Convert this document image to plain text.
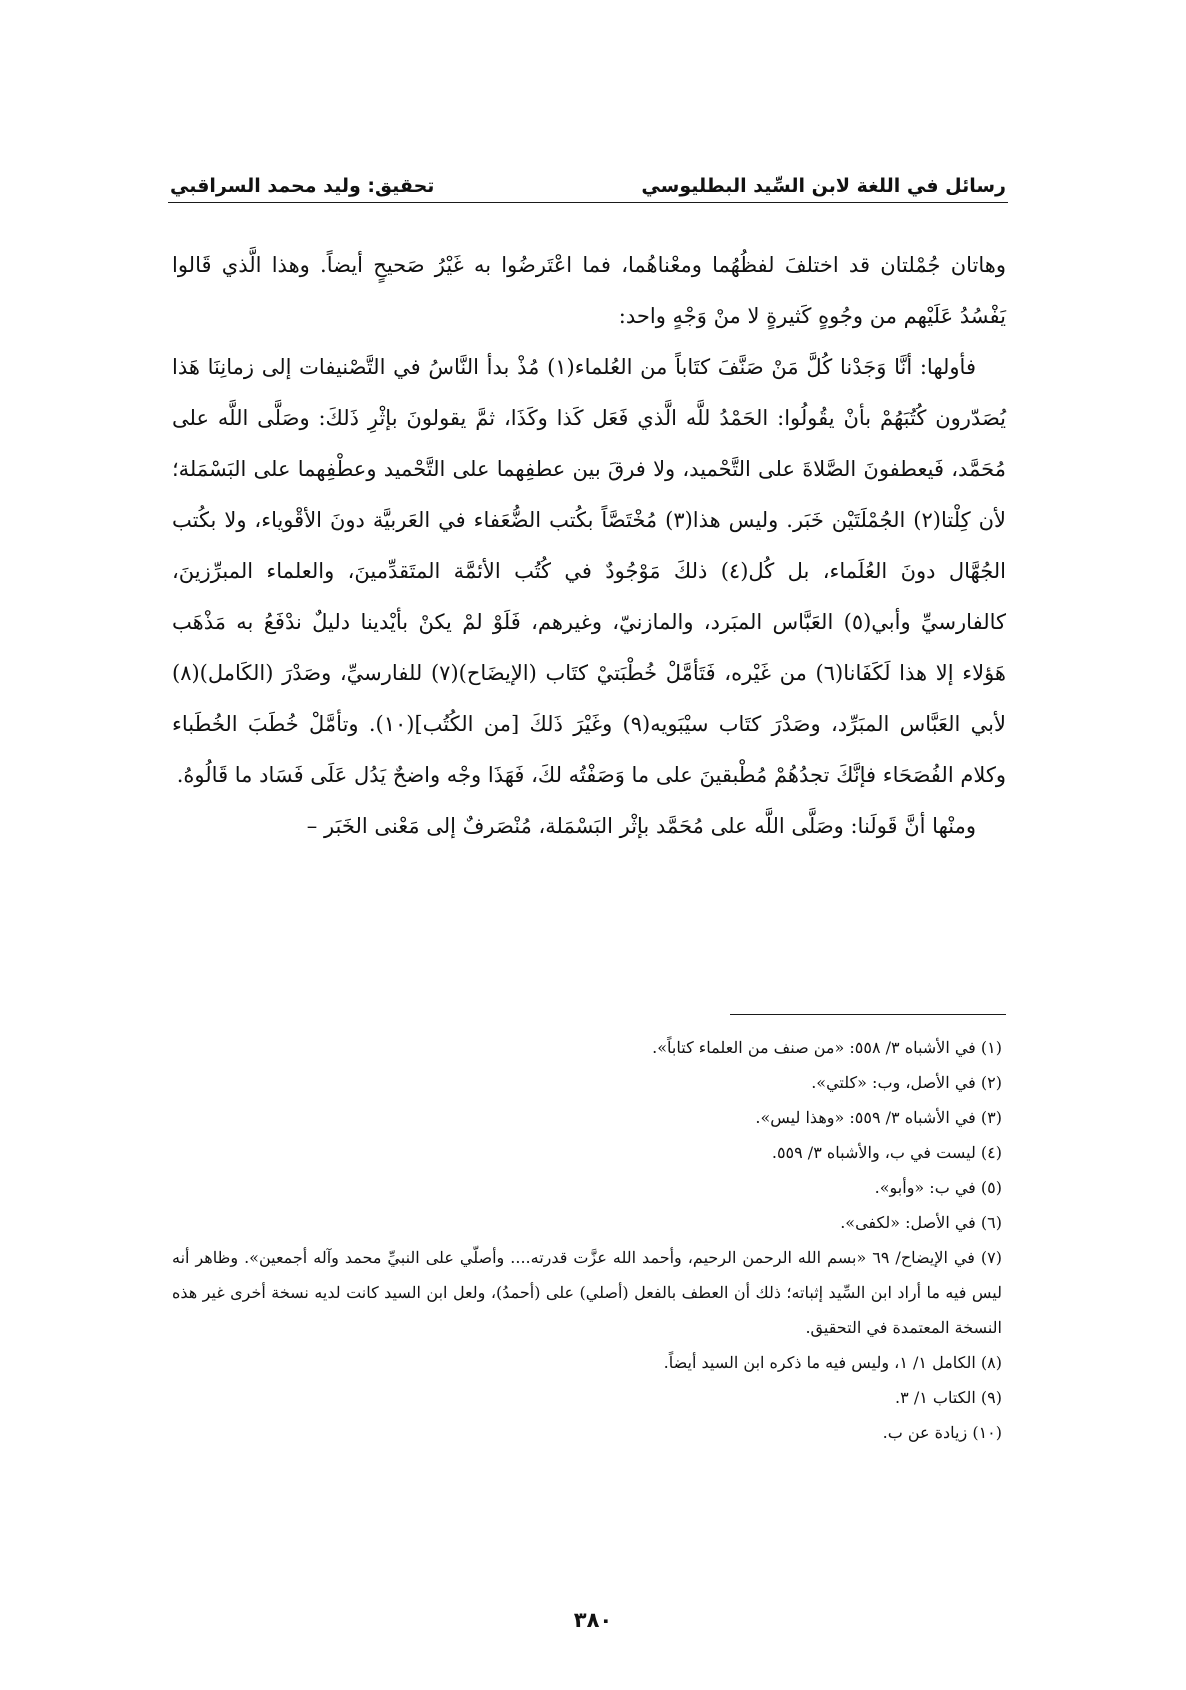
رسائل في اللغة لابن السِّيد البطليوسي
تحقيق: وليد محمد السراقبي

وهاتان جُمْلتان قد اختلفَ لفظُهُما ومعْناهُما، فما اعْتَرضُوا به غَيْرُ صَحيحٍ أيضاً. وهذا الَّذي قَالوا يَفْسُدُ عَلَيْهم من وجُوهٍ كَثيرةٍ لا منْ وَجْهٍ واحد:

فأولها: أنَّا وَجَدْنا كُلَّ مَنْ صَنَّفَ كتَاباً من العُلماء(١) مُذْ بدأ النَّاسُ في التَّصْنيفات إلى زمانِنَا هَذا يُصَدّرون كُتُبَهُمْ بأنْ يقُولُوا: الحَمْدُ للَّه الَّذي فَعَل كَذا وكَذَا، ثمَّ يقولونَ بإثْرِ ذَلكَ: وصَلَّى اللَّه على مُحَمَّد، فَيعطفونَ الصَّلاةَ على التَّحْميد، ولا فرقَ بين عطفِهما على التَّحْميد وعطْفِهما على البَسْمَلة؛ لأن كِلْتا(٢) الجُمْلَتَيْن خَبَر. وليس هذا(٣) مُخْتَصَّاً بكُتب الضُّعَفاء في العَربيَّة دونَ الأقْوياء، ولا بكُتب الجُهَّال دونَ العُلَماء، بل كُل(٤) ذلكَ مَوْجُودٌ في كُتُب الأئمَّة المتَقدِّمينَ، والعلماء المبرِّزينَ، كالفارسيِّ وأبي(٥) العَبَّاس المبَرد، والمازنيّ، وغيرهم، فَلَوْ لمْ يكنْ بأيْدينا دليلٌ ندْفَعُ به مَذْهَب هَؤلاء إلا هذا لَكَفَانا(٦) من غَيْره، فَتَأمَّلْ خُطْبَتيْ كتَاب (الإيضَاح)(٧) للفارسيِّ، وصَدْرَ (الكَامل)(٨) لأبي العَبَّاس المبَرِّد، وصَدْرَ كتَاب سيْبَويه(٩) وغَيْرَ ذَلكَ [من الكُتُب](١٠). وتأمَّلْ خُطَبَ الخُطَباء وكلام الفُصَحَاء فإنَّكَ تجدُهُمْ مُطْبقينَ على ما وَصَفْتُه لكَ، فَهَذَا وجْه واضحٌ يَدُل عَلَى فَسَاد ما قَالُوهُ.

ومنْها أنَّ قَولَنا: وصَلَّى اللَّه على مُحَمَّد بإثْر البَسْمَلة، مُنْصَرفٌ إلى مَعْنى الخَبَر –

(١) في الأشباه ٣/ ٥٥٨: «من صنف من العلماء كتاباً».
(٢) في الأصل، وب: «كلتي».
(٣) في الأشباه ٣/ ٥٥٩: «وهذا ليس».
(٤) ليست في ب، والأشباه ٣/ ٥٥٩.
(٥) في ب: «وأبو».
(٦) في الأصل: «لكفى».
(٧) في الإيضاح/ ٦٩ «بسم الله الرحمن الرحيم، وأحمد الله عزَّت قدرته.... وأصلّي على النبيِّ محمد وآله أجمعين». وظاهر أنه ليس فيه ما أراد ابن السِّيد إثباته؛ ذلك أن العطف بالفعل (أصلي) على (أحمدُ)، ولعل ابن السيد كانت لديه نسخة أخرى غير هذه النسخة المعتمدة في التحقيق.
(٨) الكامل ١/ ١، وليس فيه ما ذكره ابن السيد أيضاً.
(٩) الكتاب ١/ ٣.
(١٠) زيادة عن ب.
٣٨٠
